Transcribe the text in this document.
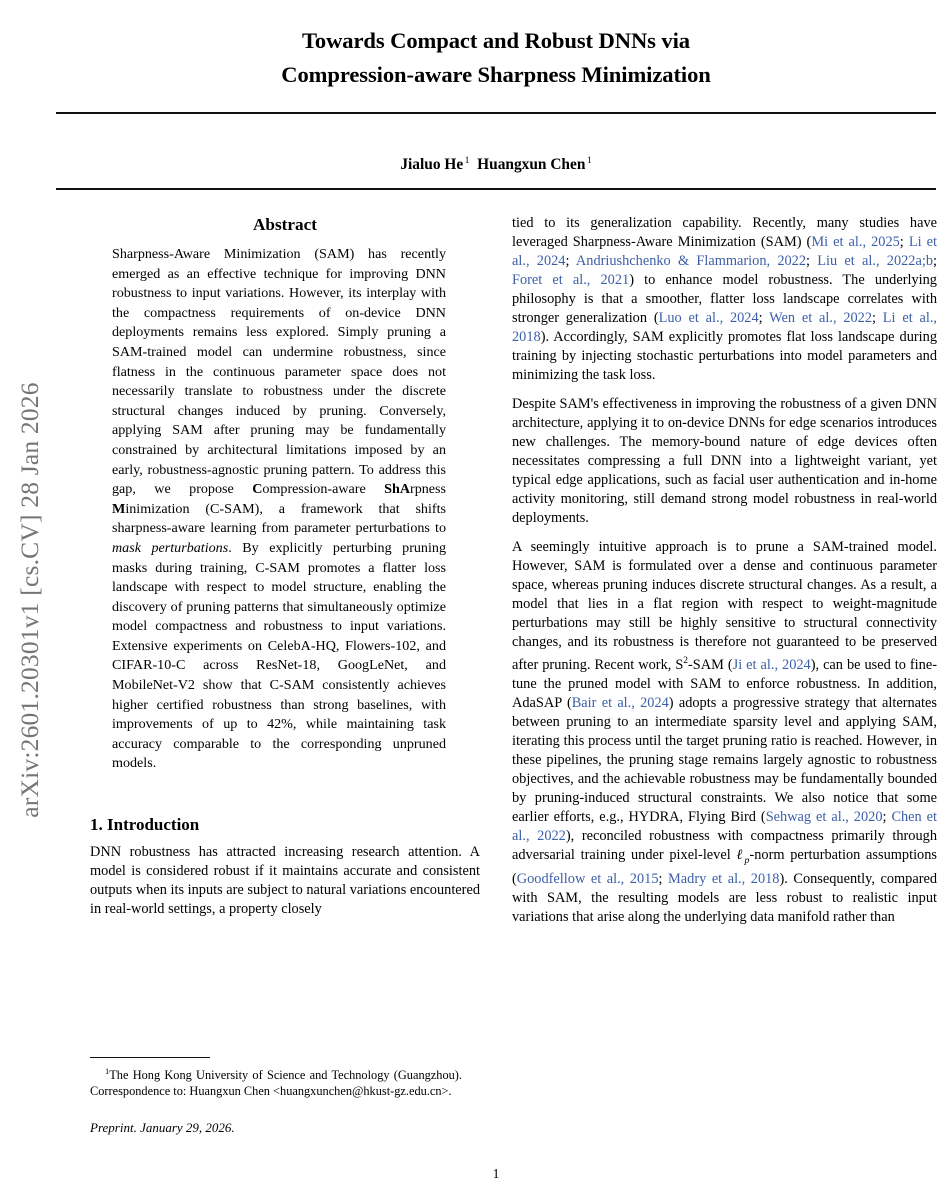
arXiv:2601.20301v1 [cs.CV] 28 Jan 2026
Towards Compact and Robust DNNs via
Compression-aware Sharpness Minimization
Jialuo He $^1$ Huangxun Chen $^1$
Abstract
Sharpness-Aware Minimization (SAM) has recently emerged as an effective technique for improving DNN robustness to input variations. However, its interplay with the compactness requirements of on-device DNN deployments remains less explored. Simply pruning a SAM-trained model can undermine robustness, since flatness in the continuous parameter space does not necessarily translate to robustness under the discrete structural changes induced by pruning. Conversely, applying SAM after pruning may be fundamentally constrained by architectural limitations imposed by an early, robustness-agnostic pruning pattern. To address this gap, we propose Compression-aware ShArpness Minimization (C-SAM), a framework that shifts sharpness-aware learning from parameter perturbations to mask perturbations. By explicitly perturbing pruning masks during training, C-SAM promotes a flatter loss landscape with respect to model structure, enabling the discovery of pruning patterns that simultaneously optimize model compactness and robustness to input variations. Extensive experiments on CelebA-HQ, Flowers-102, and CIFAR-10-C across ResNet-18, GoogLeNet, and MobileNet-V2 show that C-SAM consistently achieves higher certified robustness than strong baselines, with improvements of up to 42%, while maintaining task accuracy comparable to the corresponding unpruned models.
1. Introduction

DNN robustness has attracted increasing research attention. A model is considered robust if it maintains accurate and consistent outputs when its inputs are subject to natural variations encountered in real-world settings, a property closely

$^1$The Hong Kong University of Science and Technology (Guangzhou). Correspondence to: Huangxun Chen <huangxunchen@hkust-gz.edu.cn>.
Preprint. January 29, 2026.

tied to its generalization capability. Recently, many studies have leveraged Sharpness-Aware Minimization (SAM) (Mi et al., 2025; Li et al., 2024; Andriushchenko & Flammarion, 2022; Liu et al., 2022a;b; Foret et al., 2021) to enhance model robustness. The underlying philosophy is that a smoother, flatter loss landscape correlates with stronger generalization (Luo et al., 2024; Wen et al., 2022; Li et al., 2018). Accordingly, SAM explicitly promotes flat loss landscape during training by injecting stochastic perturbations into model parameters and minimizing the task loss.

Despite SAM's effectiveness in improving the robustness of a given DNN architecture, applying it to on-device DNNs for edge scenarios introduces new challenges. The memory-bound nature of edge devices often necessitates compressing a full DNN into a lightweight variant, yet typical edge applications, such as facial user authentication and in-home activity monitoring, still demand strong model robustness in real-world deployments.

A seemingly intuitive approach is to prune a SAM-trained model. However, SAM is formulated over a dense and continuous parameter space, whereas pruning induces discrete structural changes. As a result, a model that lies in a flat region with respect to weight-magnitude perturbations may still be highly sensitive to structural connectivity changes, and its robustness is therefore not guaranteed to be preserved after pruning. Recent work, $S^2$-SAM (Ji et al., 2024), can be used to fine-tune the pruned model with SAM to enforce robustness. In addition, AdaSAP (Bair et al., 2024) adopts a progressive strategy that alternates between pruning to an intermediate sparsity level and applying SAM, iterating this process until the target pruning ratio is reached. However, in these pipelines, the pruning stage remains largely agnostic to robustness objectives, and the achievable robustness may be fundamentally bounded by pruning-induced structural constraints. We also notice that some earlier efforts, e.g., HYDRA, Flying Bird (Sehwag et al., 2020; Chen et al., 2022), reconciled robustness with compactness primarily through adversarial training under pixel-level ℓ$_p$-norm perturbation assumptions (Goodfellow et al., 2015; Madry et al., 2018). Consequently, compared with SAM, the resulting models are less robust to realistic input variations that arise along the underlying data manifold rather than

1
